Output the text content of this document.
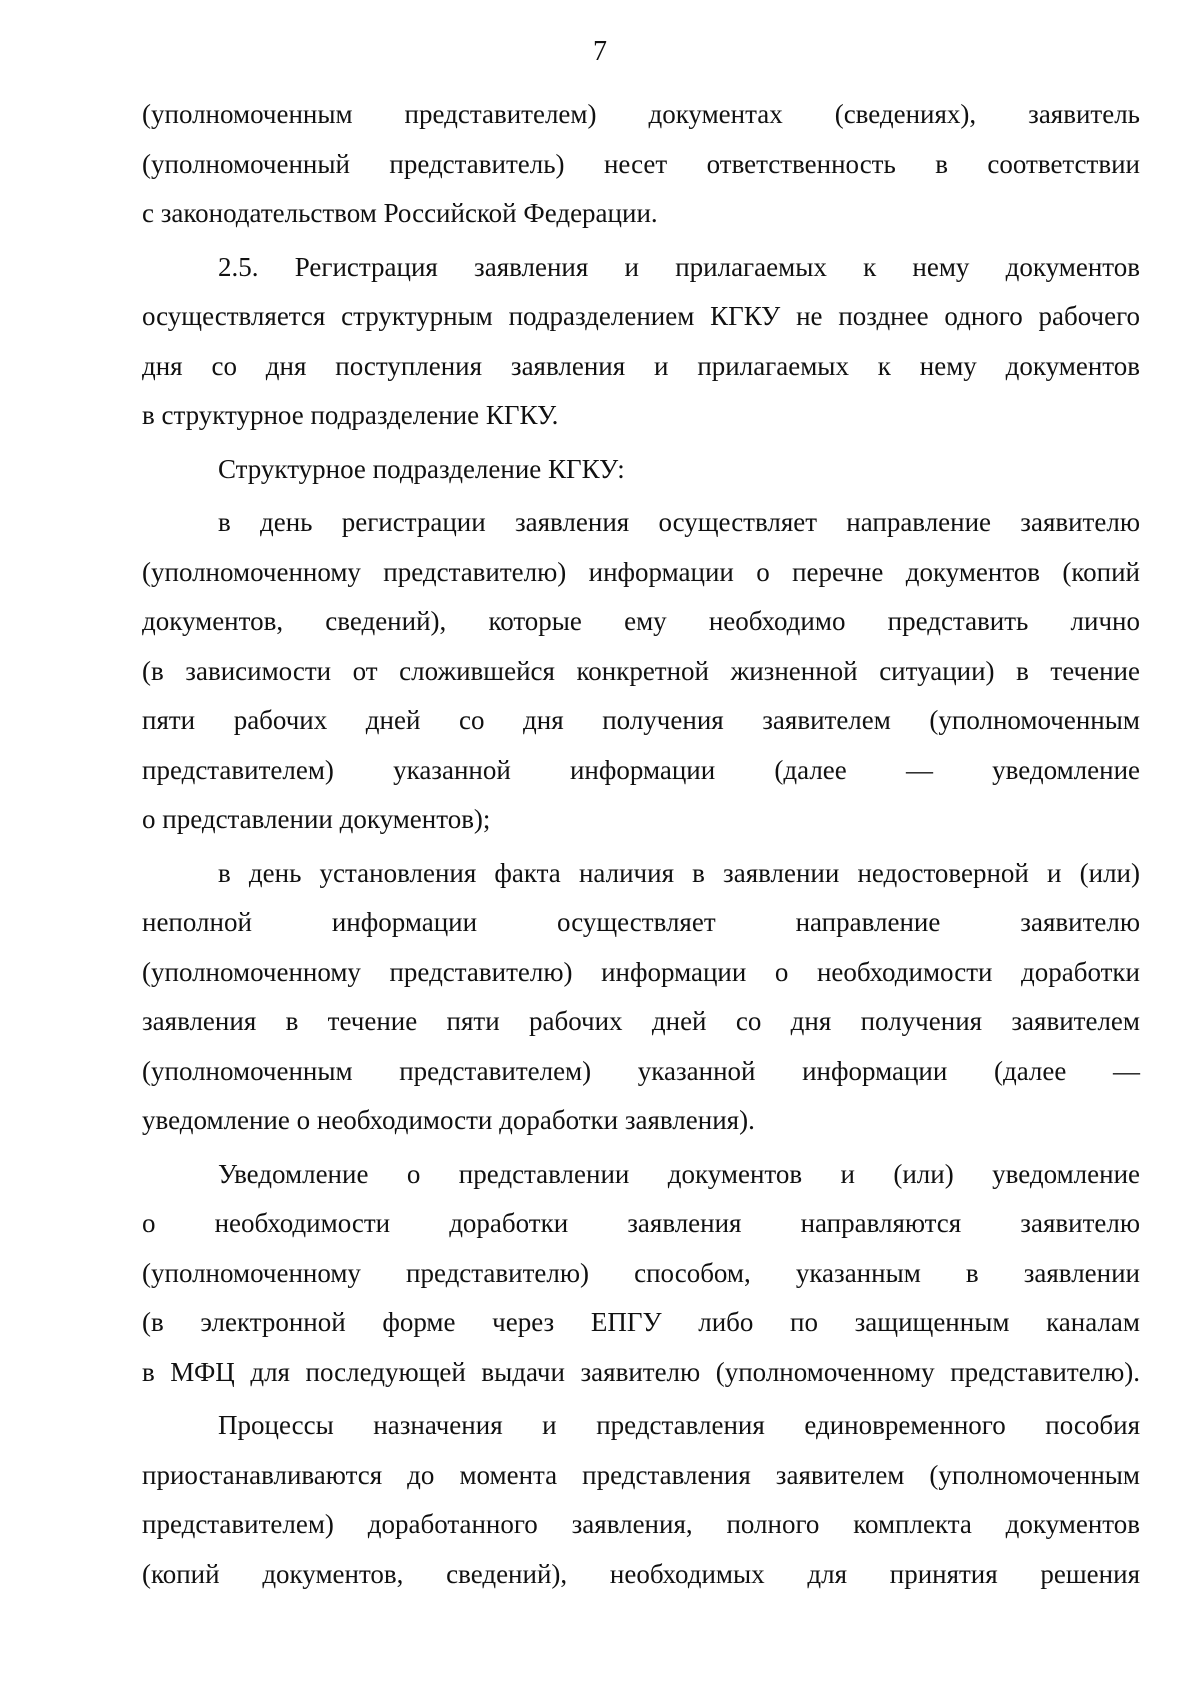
7
(уполномоченным представителем) документах (сведениях), заявитель
(уполномоченный представитель) несет ответственность в соответствии
с законодательством Российской Федерации.
2.5. Регистрация заявления и прилагаемых к нему документов
осуществляется структурным подразделением КГКУ не позднее одного рабочего
дня со дня поступления заявления и прилагаемых к нему документов
в структурное подразделение КГКУ.
Структурное подразделение КГКУ:
в день регистрации заявления осуществляет направление заявителю
(уполномоченному представителю) информации о перечне документов (копий
документов, сведений), которые ему необходимо представить лично
(в зависимости от сложившейся конкретной жизненной ситуации) в течение
пяти рабочих дней со дня получения заявителем (уполномоченным
представителем) указанной информации (далее — уведомление
о представлении документов);
в день установления факта наличия в заявлении недостоверной и (или)
неполной информации осуществляет направление заявителю
(уполномоченному представителю) информации о необходимости доработки
заявления в течение пяти рабочих дней со дня получения заявителем
(уполномоченным представителем) указанной информации (далее —
уведомление о необходимости доработки заявления).
Уведомление о представлении документов и (или) уведомление
о необходимости доработки заявления направляются заявителю
(уполномоченному представителю) способом, указанным в заявлении
(в электронной форме через ЕПГУ либо по защищенным каналам
в МФЦ для последующей выдачи заявителю (уполномоченному представителю).
Процессы назначения и представления единовременного пособия
приостанавливаются до момента представления заявителем (уполномоченным
представителем) доработанного заявления, полного комплекта документов
(копий документов, сведений), необходимых для принятия решения
